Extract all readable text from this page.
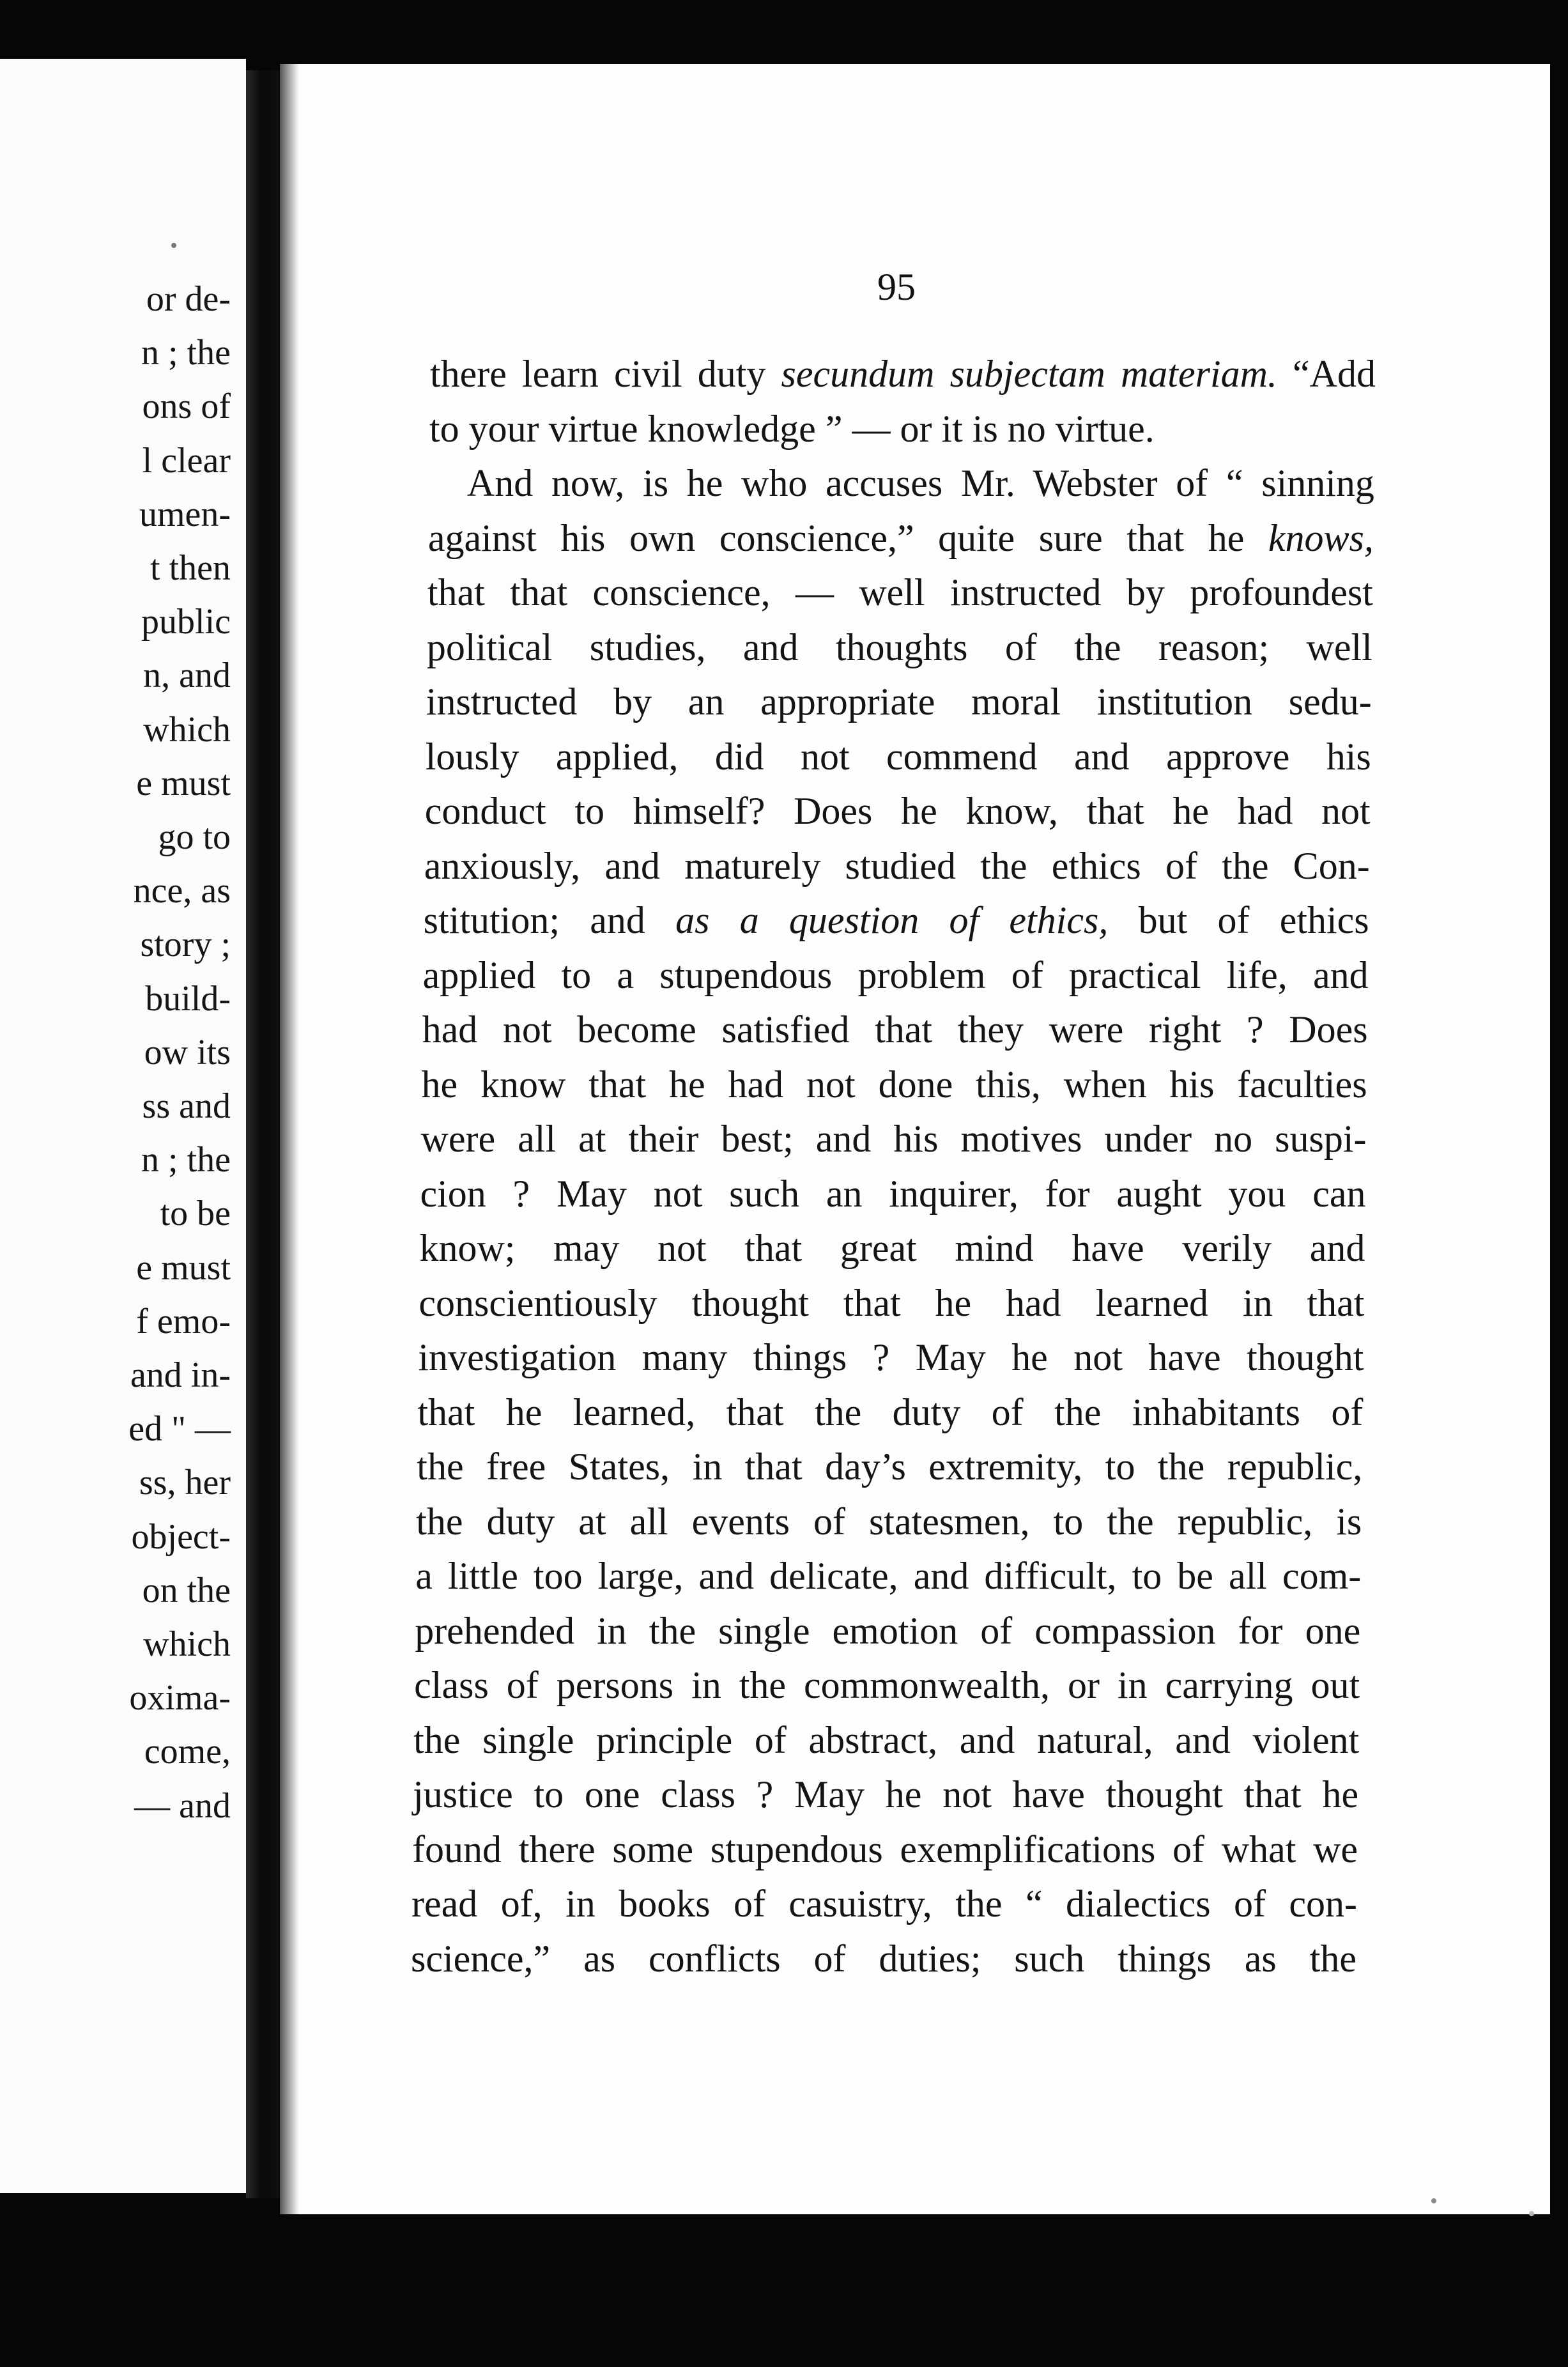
or de-
n ; the
ons of
l clear
umen-
t then
public
n, and
which
e must
go to
nce, as
story ;
build-
ow its
ss and
n ; the
to be
e must
f emo-
and in-
ed " —
ss, her
object-
on the
which
oxima-
come,
— and
95
there learn civil duty secundum subjectam materiam. “Add
to your virtue knowledge ” — or it is no virtue.
 And now, is he who accuses Mr. Webster of “ sinning
against his own conscience,” quite sure that he knows,
that that conscience, — well instructed by profoundest
political studies, and thoughts of the reason; well
instructed by an appropriate moral institution sedu-
lously applied, did not commend and approve his
conduct to himself? Does he know, that he had not
anxiously, and maturely studied the ethics of the Con-
stitution; and as a question of ethics, but of ethics
applied to a stupendous problem of practical life, and
had not become satisfied that they were right ? Does
he know that he had not done this, when his faculties
were all at their best; and his motives under no suspi-
cion ? May not such an inquirer, for aught you can
know; may not that great mind have verily and
conscientiously thought that he had learned in that
investigation many things ? May he not have thought
that he learned, that the duty of the inhabitants of
the free States, in that day’s extremity, to the republic,
the duty at all events of statesmen, to the republic, is
a little too large, and delicate, and difficult, to be all com-
prehended in the single emotion of compassion for one
class of persons in the commonwealth, or in carrying out
the single principle of abstract, and natural, and violent
justice to one class ? May he not have thought that he
found there some stupendous exemplifications of what we
read of, in books of casuistry, the “ dialectics of con-
science,” as conflicts of duties; such things as the
